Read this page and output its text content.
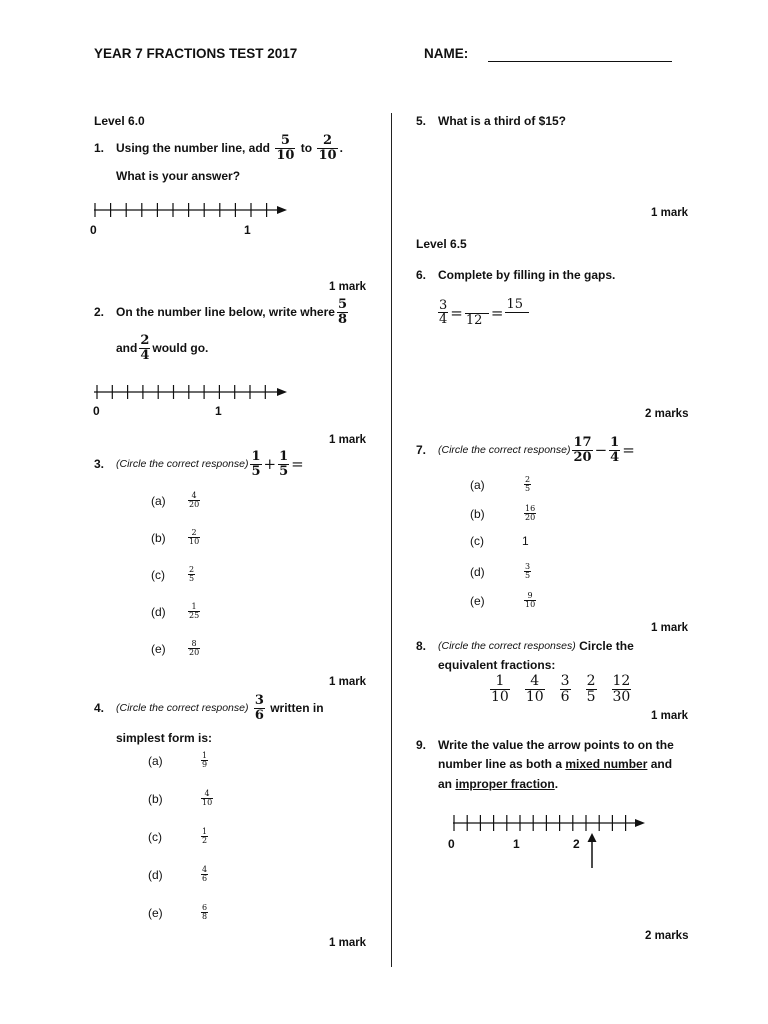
YEAR 7 FRACTIONS TEST 2017	NAME:
Level 6.0
1. Using the number line, add
$\frac{5}{10}$
to
$\frac{2}{10}$ .
What is your answer?
0	1
1 mark
2. On the number line below, write where $\frac{5}{8}$
and $\frac{2}{4}$ would go.
0	1
1 mark
3.	(Circle the correct response) $\frac{1}{5} + \frac{1}{5}$ =
(a)	$\frac{4}{20}$
(b)	$\frac{2}{10}$
(c)	$\frac{2}{5}$
(d)	$\frac{1}{25}$
(e)	$\frac{8}{20}$
1 mark
4.	(Circle the correct response)
$\frac{3}{6}$
written in
simplest form is:
(a)	$\frac{1}{9}$
(b)	$\frac{4}{10}$
(c)	$\frac{1}{2}$
(d)	$\frac{4}{6}$
(e)	$\frac{6}{8}$
1 mark
5. What is a third of $15?
1 mark
Level 6.5
6. Complete by filling in the gaps.
$\frac{3}{4} = 12 = 15$
2 marks
7.	(Circle the correct response) $\frac{17}{20} - \frac{1}{4}$ =
(a)	$\frac{2}{5}$
(b)	$\frac{16}{20}$
(c)	1
(d)	$\frac{3}{5}$
(e)	$\frac{9}{10}$
1 mark
8.	(Circle the correct responses)
Circle the
equivalent fractions:
$\frac{1}{10} \frac{4}{10} \frac{3}{6} \frac{2}{5} \frac{12}{30}$
1 mark
9. Write the value the arrow points to on the
number line as both a mixed number and
an improper fraction.
0	1	2
2 marks
